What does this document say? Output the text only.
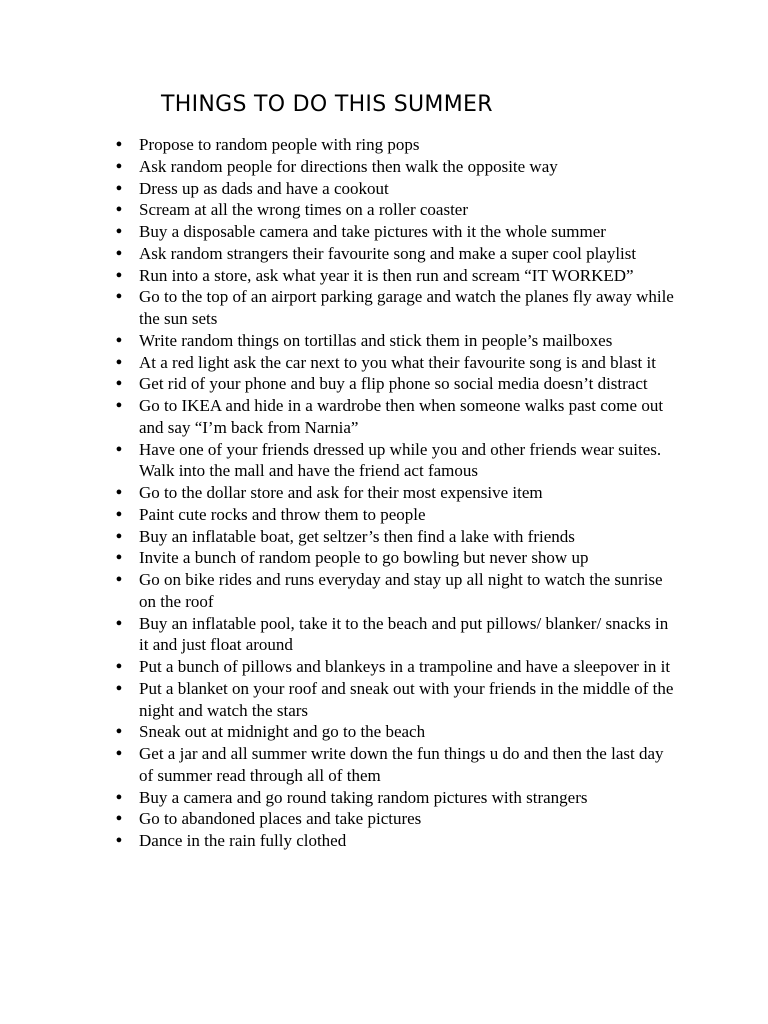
THINGS TO DO THIS SUMMER
● Propose to random people with ring pops
● Ask random people for directions then walk the opposite way
● Dress up as dads and have a cookout
● Scream at all the wrong times on a roller coaster
● Buy a disposable camera and take pictures with it the whole summer
● Ask random strangers their favourite song and make a super cool playlist
● Run into a store, ask what year it is then run and scream “IT WORKED”
● Go to the top of an airport parking garage and watch the planes fly away while the sun sets
● Write random things on tortillas and stick them in people’s mailboxes
● At a red light ask the car next to you what their favourite song is and blast it
● Get rid of your phone and buy a flip phone so social media doesn’t distract
● Go to IKEA and hide in a wardrobe then when someone walks past come out and say “I’m back from Narnia”
● Have one of your friends dressed up while you and other friends wear suites. Walk into the mall and have the friend act famous
● Go to the dollar store and ask for their most expensive item
● Paint cute rocks and throw them to people
● Buy an inflatable boat, get seltzer’s then find a lake with friends
● Invite a bunch of random people to go bowling but never show up
● Go on bike rides and runs everyday and stay up all night to watch the sunrise on the roof
● Buy an inflatable pool, take it to the beach and put pillows/ blanker/ snacks in it and just float around
● Put a bunch of pillows and blankeys in a trampoline and have a sleepover in it
● Put a blanket on your roof and sneak out with your friends in the middle of the night and watch the stars
● Sneak out at midnight and go to the beach
● Get a jar and all summer write down the fun things u do and then the last day of summer read through all of them
● Buy a camera and go round taking random pictures with strangers
● Go to abandoned places and take pictures
● Dance in the rain fully clothed
